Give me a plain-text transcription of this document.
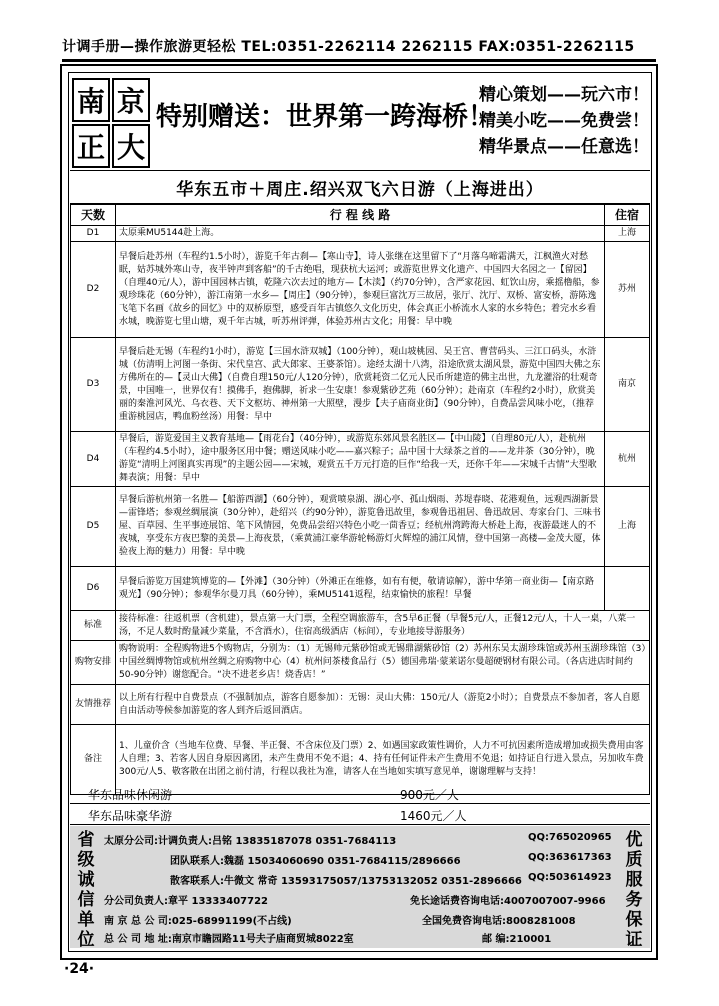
计调手册—操作旅游更轻松 TEL:0351-2262114 2262115 FAX:0351-2262115
南 京
正 大
特别赠送：世界第一跨海桥！
精心策划——玩六市！
精美小吃——免费尝！
精华景点——任意选！
华东五市＋周庄.绍兴双飞六日游（上海进出）
天数	行 程 线 路	住宿
D1	太原乘MU5144赴上海。	上海
D2	早餐后赴苏州（车程约1.5小时），游览千年古刹—【寒山寺】，诗人张继在这里留下了“月落乌啼霜满天，江枫渔火对愁眠，姑苏城外寒山寺，夜半钟声到客船”的千古绝唱，现获杭大运河；或游览世界文化遗产、中国四大名园之一【留园】（自理40元/人），游中国园林古镇，乾隆六次去过的地方—【木渎】（约70分钟），含严家花园、虹饮山房，乘摇橹船，参观珍珠花（60分钟），游江南第一水乡—【周庄】（90分钟），参观巨富沈万三故居，张厅、沈厅、双桥、富安桥，游陈逸飞笔下名画《故乡的回忆》中的双桥原型，感受百年古镇悠久文化历史，体会真正小桥流水人家的水乡特色；着完水乡看水城，晚游览七里山塘，观千年古城，听苏州评弹，体验苏州古文化；用餐：早中晚	苏州
D3	早餐后赴无锡（车程约1小时），游览【三国水浒双城】（100分钟），观山坡桃园、吴王宫、曹营码头、三江口码头，水浒城（仿清明上河图一条街、宋代皇宫、武大郎家、王婆茶馆）。途经太湖十八湾，沿途欣赏太湖风景，游览中国四大佛之东方佛所在的—【灵山大佛】（自费自理150元/人120分钟），欣赏耗资二亿元人民币所建造的佛主出世，九龙灌浴的壮观奇景，中国唯一，世界仅有！摸佛手，抱佛脚，祈求一生安康！参观紫砂艺苑（60分钟）；赴南京（车程约2小时），欣赏美丽的秦淮河风光、乌衣巷、天下文枢坊、神州第一大照壁，漫步【夫子庙商业街】（90分钟），自费品尝风味小吃，（推荐重游桃园店，鸭血粉丝汤）用餐：早中	南京
D4	早餐后，游览爱国主义教育基地—【雨花台】（40分钟），或游览东郊风景名胜区—【中山陵】（自理80元/人），赴杭州（车程约4.5小时），途中服务区用中餐；赠送风味小吃——嘉兴粽子；品中国十大绿茶之首的——龙井茶（30分钟），晚游览“清明上河图真实再现”的主题公园——宋城，观赏五千万元打造的巨作“给我一天，还你千年——宋城千古情”大型歌舞表演；用餐：早中	杭州
D5	早餐后游杭州第一名胜—【船游西湖】（60分钟），观赏喷泉湖、湖心亭、孤山烟雨、苏堤春晓、花港观鱼，远观西湖新景—雷锋塔；参观丝绸展演（30分钟），赴绍兴（约90分钟），游览鲁迅故里，参观鲁迅祖居、鲁迅故居、寿家台门、三味书屋、百草园、生平事迹展馆、笔下风情园，免费品尝绍兴特色小吃一茴香豆；经杭州湾跨海大桥赴上海，夜游最迷人的不夜城，享受东方夜巴黎的美景—上海夜景，（乘黄浦江豪华游轮畅游灯火辉煌的浦江风情，登中国第一高楼—金茂大厦，体验夜上海的魅力）用餐：早中晚	上海
D6	早餐后游览万国建筑博览的—【外滩】（30分钟）（外滩正在维修，如有有便，敬请谅解），游中华第一商业街—【南京路观光】（90分钟）；参观华尔曼刀具（60分钟），乘MU5141返程，结束愉快的旅程！早餐	
标准	接待标准：往返机票（含机建），景点第一大门票，全程空调旅游车，含5早6正餐（早餐5元/人，正餐12元/人，十人一桌，八菜一汤，不足人数时酌量减少菜量，不含酒水），住宿高级酒店（标间），专业地接导游服务）	
购物安排	购物说明：全程购物进5个购物店，分别为：（1）无锡帅元紫砂馆或无锡鼎湖紫砂馆（2）苏州东吴太湖珍珠馆或苏州玉湖珍珠馆（3）中国丝绸博物馆或杭州丝绸之府购物中心（4）杭州问茶楼食品行（5）德国弗瑞·蒙莱诺尔曼超硬钢材有限公司。（各店进店时间约50-90分钟）谢您配合。“决不进老乡店！烧香店！”	
友情推荐	以上所有行程中自费景点（不强制加点，游客自愿参加）：无锡：灵山大佛：150元/人（游览2小时）；自费景点不参加者，客人自愿自由活动等候参加游览的客人到齐后返回酒店。	
备注	1、儿童价含（当地车位费、早餐、半正餐、不含床位及门票）2、如遇国家政策性调价，人力不可抗因素所造成增加或损失费用由客人自理；3、若客人因自身原因离团，未产生费用不免不退；4、持有任何证件未产生费用不免退；如持证自行进入景点，另加收车费300元/人5、敬客散在出团之前付清，行程以我社为准，请客人在当地如实填写意见单，谢谢理解与支持！	
华东品味休闲游	900元／人
华东品味豪华游	1460元／人
省级诚信单位
优质服务保证
太原分公司:计调负责人:吕铭 13835187078 0351-7684113	QQ:765020965
团队联系人:魏磊 15034060690 0351-7684115/2896666	QQ:363617363
散客联系人:牛微文 常奇 13593175057/13753132052 0351-2896666 QQ:503614923
分公司负责人:章平 13333407722	免长途话费咨询电话:4007007007-9966
南 京 总 公 司:025-68991199(不占线)	全国免费咨询电话:8008281008
总 公 司 地 址:南京市瞻园路11号夫子庙商贸城8022室	邮 编:210001
·24·
